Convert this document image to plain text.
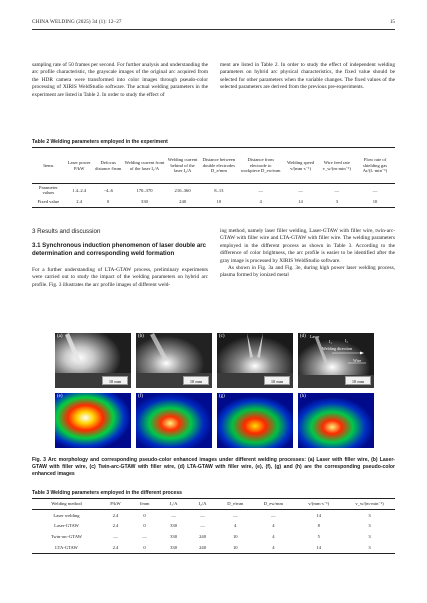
CHINA WELDING (2025) 34 (1): 12–27	15

sampling rate of 50 frames per second. For further analysis and understanding the arc profile characteristic, the grayscale images of the original arc acquired from the HDR camera were transformed into color images through pseudo-color processing of XIRIS WeldStudio software. The actual welding parameters in the experiment are listed in Table 2. In order to study the effect of

ment are listed in Table 2. In order to study the effect of independent welding parameters on hybrid arc physical characteristics, the fixed value should be selected for other parameters when the variable changes. The fixed values of the selected parameters are derived from the previous pre-experiments.

Table 2 Welding parameters employed in the experiment
Items	Laser power P/kW	Defocus distance f/mm	Welding current front of the laser I₁/A	Welding current behind of the laser I₂/A	Distance between double electrodes D_e/mm	Distance from electrode to workpiece D_ew/mm	Welding speed v/(mm·s⁻¹)	Wire feed rate v_w/(m·min⁻¹)	Flow rate of shielding gas Ar/(L·min⁻¹)
Parameter values	1.4–2.4	−4–6	170–370	210–360	8–13	—	—	—	—
Fixed value	2.4	0	330	240	10	4	14	3	10
3 Results and discussion
3.1 Synchronous induction phenomenon of laser double arc determination and corresponding weld formation

For a further understanding of LTA-GTAW process, preliminary experiments were carried out to study the impact of the welding parameters on hybrid arc profile. Fig. 3 illustrates the arc profile images of different weld-

ing method, namely laser filler welding, Laser-GTAW with filler wire, twin-arc-GTAW with filler wire and LTA-GTAW with filler wire. The welding parameters employed in the different process as shown in Table 3. According to the difference of color brightness, the arc profile is easier to be identified after the gray image is processed by XIRIS WeldStudio software.

As shown in Fig. 3a and Fig. 3e, during high power laser welding process, plasma formed by ionized metal

(a)
10 mm
(b)
10 mm
(c)
10 mm
(d) Laser
I₁	I₂
Welding direction
Wire
10 mm
(e)	(f)	(g)	(h)
Fig. 3 Arc morphology and corresponding pseudo-color enhanced images under different welding processes: (a) Laser with filler wire, (b) Laser-GTAW with filler wire, (c) Twin-arc-GTAW with filler wire, (d) LTA-GTAW with filler wire, (e), (f), (g) and (h) are the corresponding pseudo-color enhanced images
Table 3 Welding parameters employed in the different process
Welding method	P/kW	f/mm	I₁/A	I₂/A	D_e/mm	D_ew/mm	v/(mm·s⁻¹)	v_w/(m·min⁻¹)
Laser welding	2.4	0	—	—	—	—	14	3
Laser-GTAW	2.4	0	330	—	4	4	8	3
Twin-arc-GTAW	—	—	330	240	10	4	5	3
LTA-GTAW	2.4	0	330	240	10	4	14	3
